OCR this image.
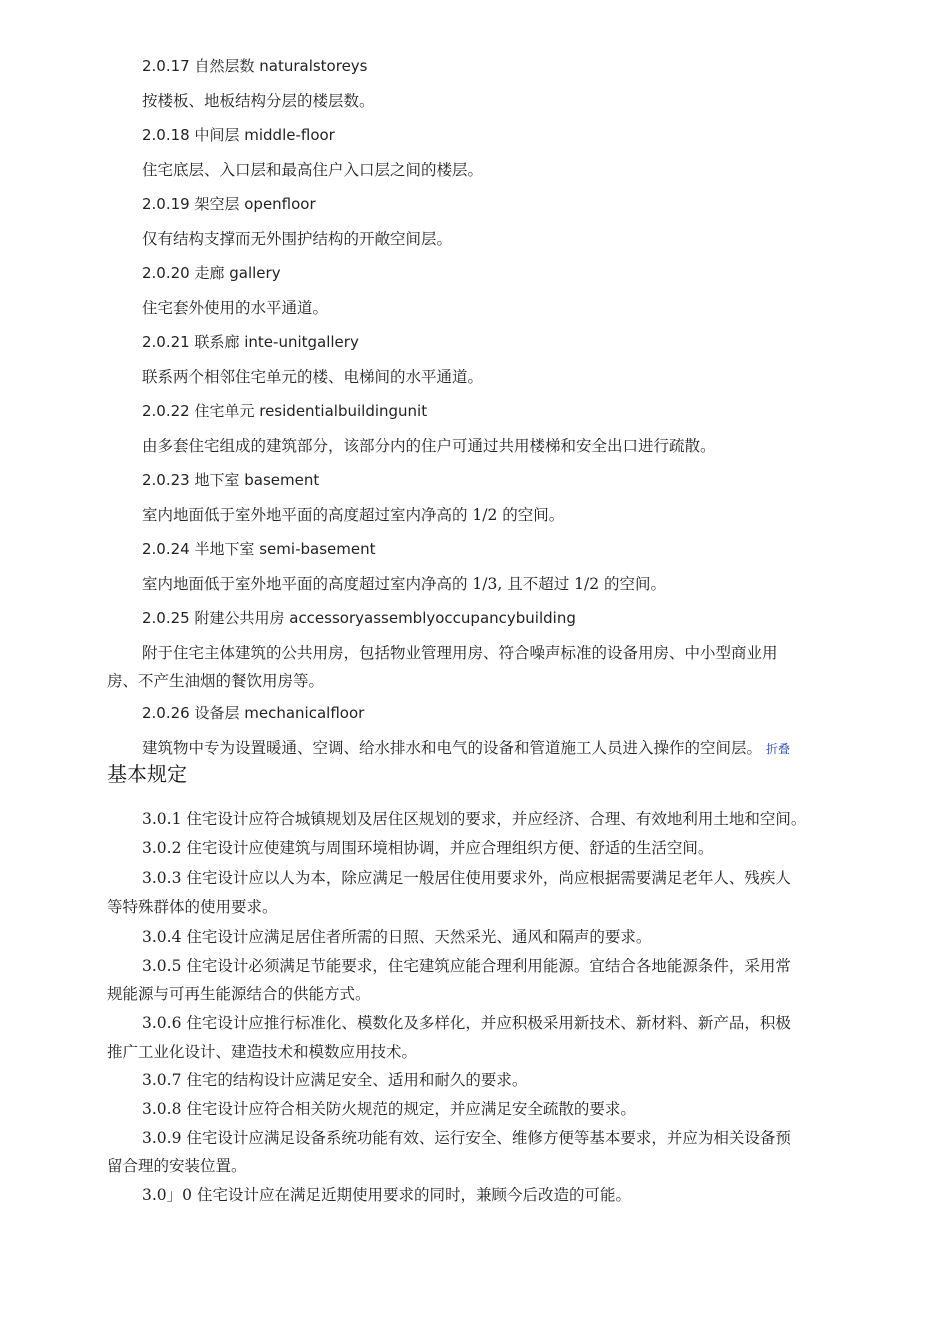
2.0.17 自然层数 naturalstoreys
按楼板、地板结构分层的楼层数。
2.0.18 中间层 middle-floor
住宅底层、入口层和最高住户入口层之间的楼层。
2.0.19 架空层 openfloor
仅有结构支撑而无外围护结构的开敞空间层。
2.0.20 走廊 gallery
住宅套外使用的水平通道。
2.0.21 联系廊 inte-unitgallery
联系两个相邻住宅单元的楼、电梯间的水平通道。
2.0.22 住宅单元 residentialbuildingunit
由多套住宅组成的建筑部分，该部分内的住户可通过共用楼梯和安全出口进行疏散。
2.0.23 地下室 basement
室内地面低于室外地平面的高度超过室内净高的 1/2 的空间。
2.0.24 半地下室 semi-basement
室内地面低于室外地平面的高度超过室内净高的 1/3, 且不超过 1/2 的空间。
2.0.25 附建公共用房 accessoryassemblyoccupancybuilding
附于住宅主体建筑的公共用房，包括物业管理用房、符合噪声标准的设备用房、中小型商业用
房、不产生油烟的餐饮用房等。
2.0.26 设备层 mechanicalfloor
建筑物中专为设置暖通、空调、给水排水和电气的设备和管道施工人员进入操作的空间层。 折叠
基本规定
3.0.1 住宅设计应符合城镇规划及居住区规划的要求，并应经济、合理、有效地利用土地和空间。
3.0.2 住宅设计应使建筑与周围环境相协调，并应合理组织方便、舒适的生活空间。
3.0.3 住宅设计应以人为本，除应满足一般居住使用要求外，尚应根据需要满足老年人、残疾人
等特殊群体的使用要求。
3.0.4 住宅设计应满足居住者所需的日照、天然采光、通风和隔声的要求。
3.0.5 住宅设计必须满足节能要求，住宅建筑应能合理利用能源。宜结合各地能源条件，采用常
规能源与可再生能源结合的供能方式。
3.0.6 住宅设计应推行标准化、模数化及多样化，并应积极采用新技术、新材料、新产品，积极
推广工业化设计、建造技术和模数应用技术。
3.0.7 住宅的结构设计应满足安全、适用和耐久的要求。
3.0.8 住宅设计应符合相关防火规范的规定，并应满足安全疏散的要求。
3.0.9 住宅设计应满足设备系统功能有效、运行安全、维修方便等基本要求，并应为相关设备预
留合理的安装位置。
3.0」0 住宅设计应在满足近期使用要求的同时，兼顾今后改造的可能。
